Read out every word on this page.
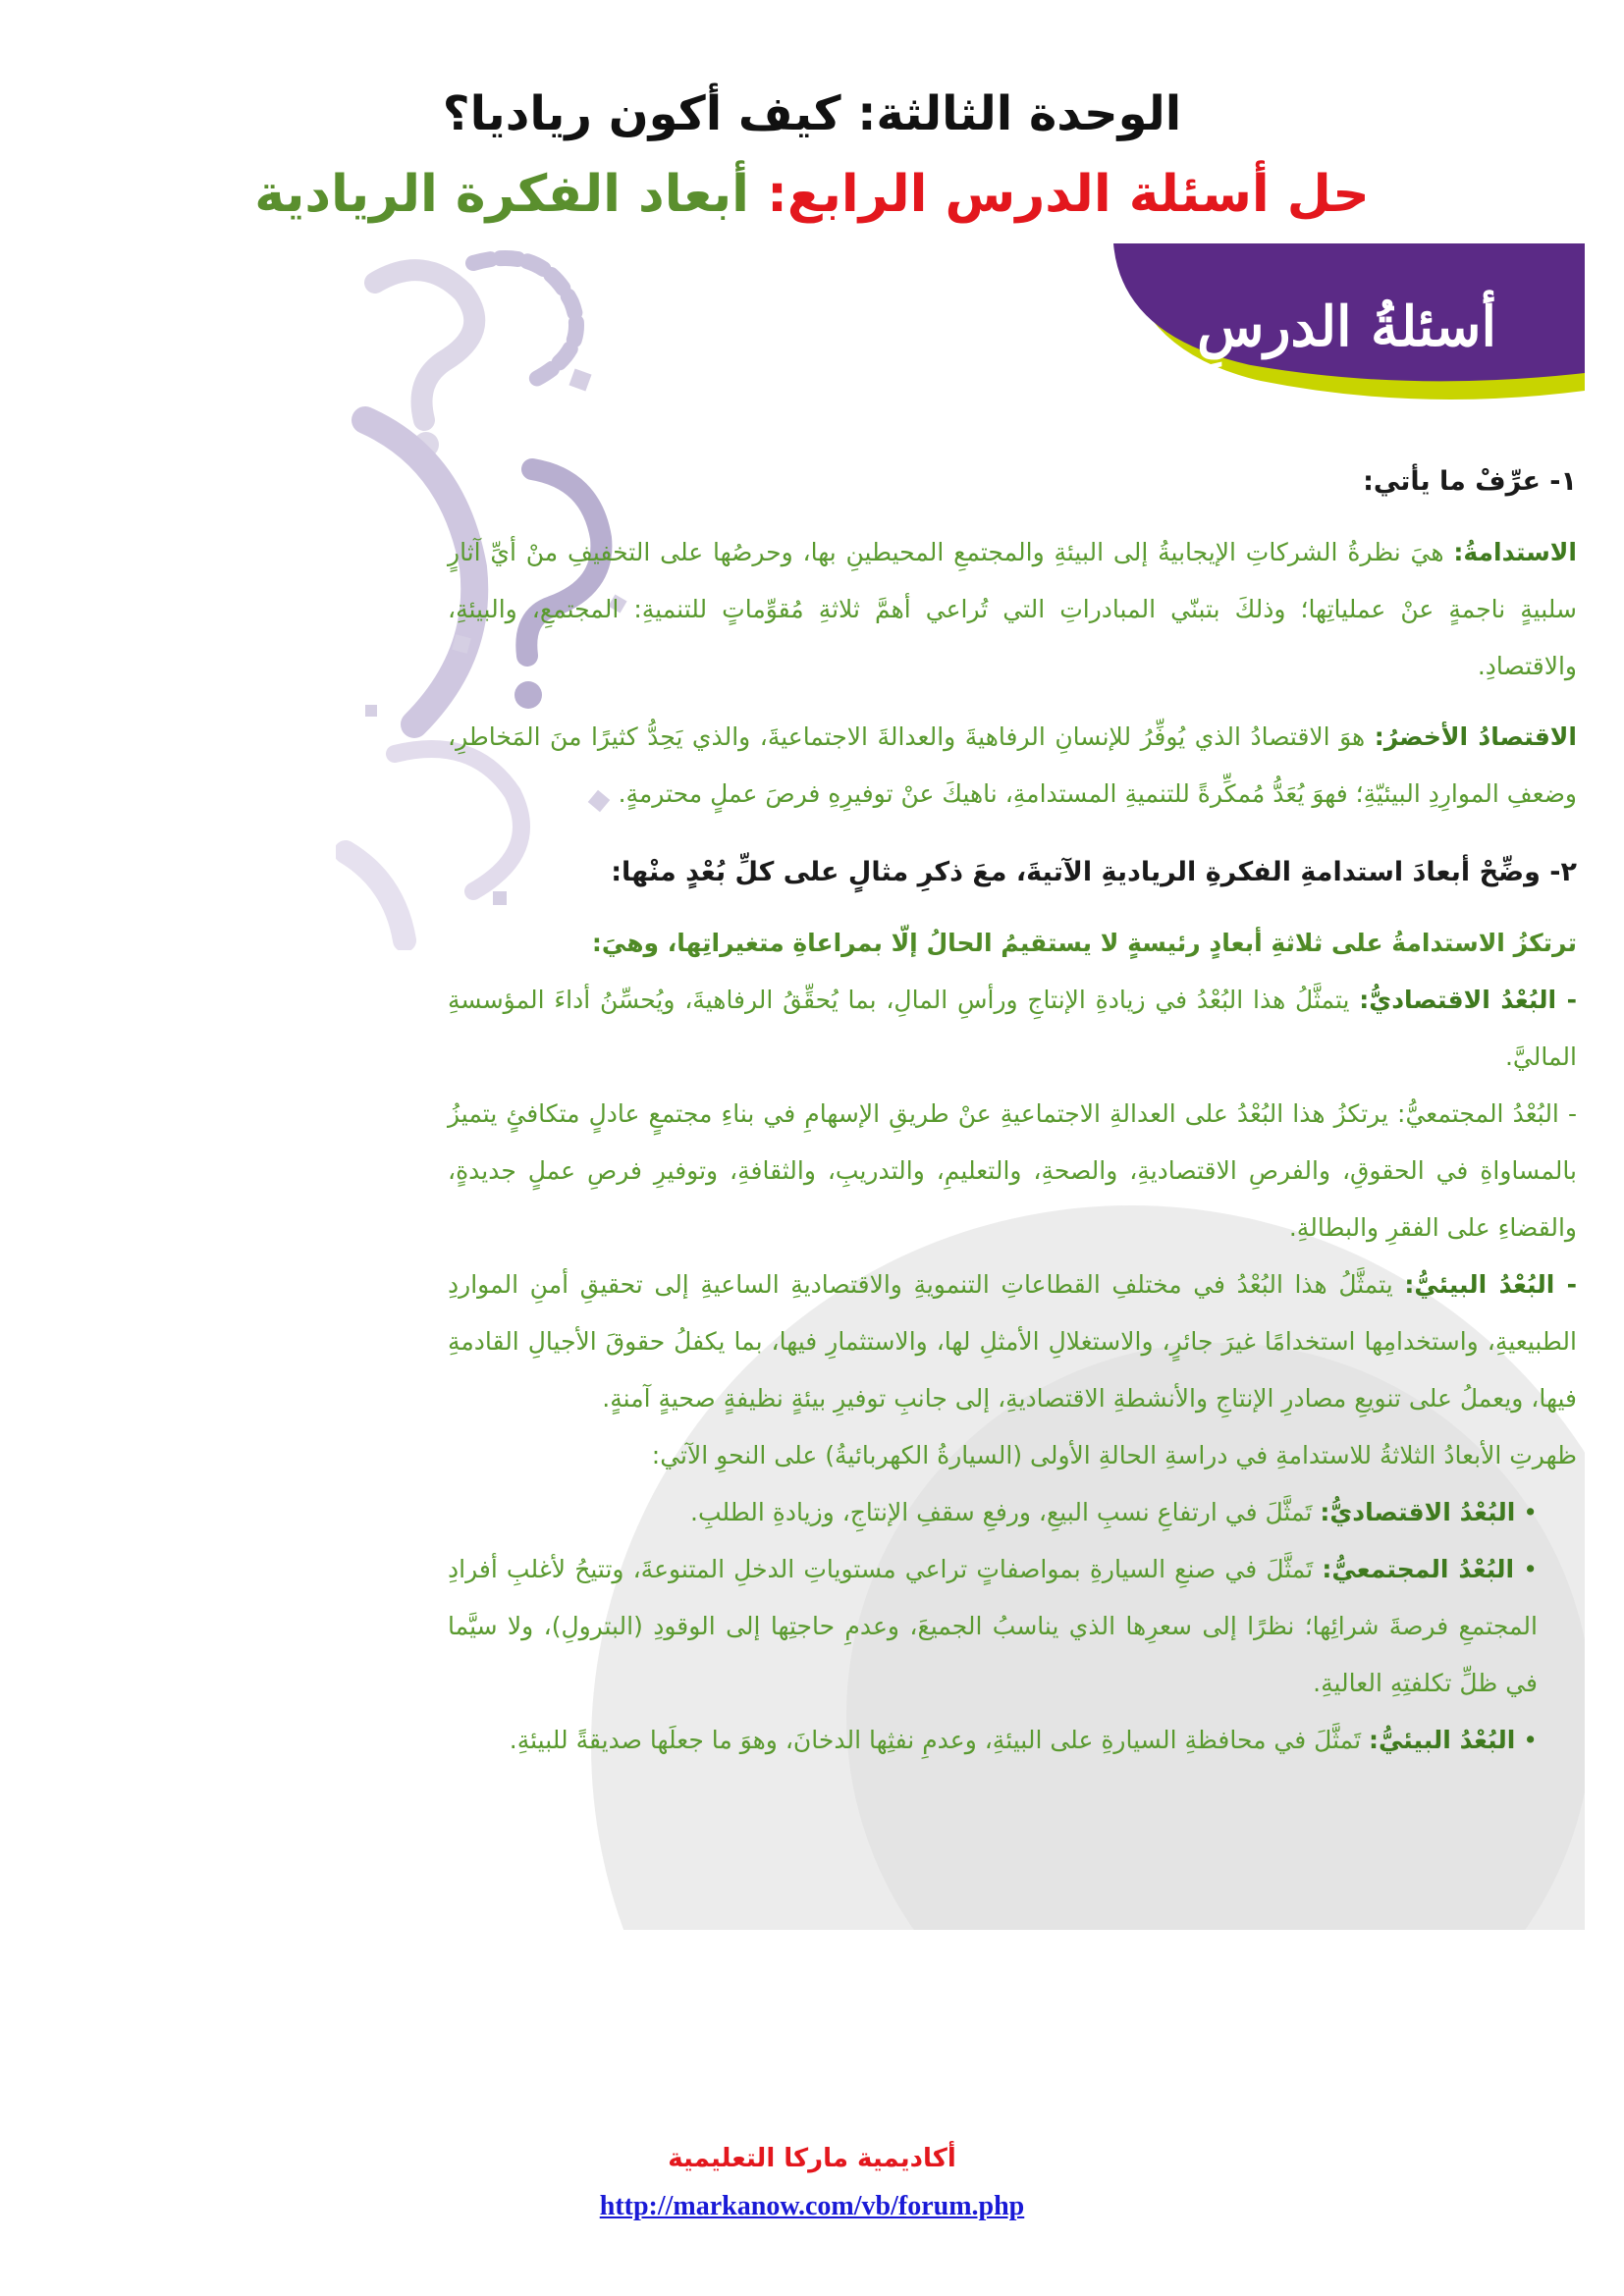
الوحدة الثالثة: كيف أكون رياديا؟
حل أسئلة الدرس الرابع: أبعاد الفكرة الريادية
أسئلةُ الدرسِ

١- عرِّفْ ما يأتي:

الاستدامةُ: هيَ نظرةُ الشركاتِ الإيجابيةُ إلى البيئةِ والمجتمعِ المحيطينِ بها، وحرصُها على التخفيفِ منْ أيِّ آثارٍ سلبيةٍ ناجمةٍ عنْ عملياتِها؛ وذلكَ بتبنّي المبادراتِ التي تُراعي أهمَّ ثلاثةِ مُقوِّماتٍ للتنميةِ: المجتمعِ، والبيئةِ، والاقتصادِ.

الاقتصادُ الأخضرُ: هوَ الاقتصادُ الذي يُوفِّرُ للإنسانِ الرفاهيةَ والعدالةَ الاجتماعيةَ، والذي يَحِدُّ كثيرًا منَ المَخاطرِ، وضعفِ الموارِدِ البيئيّةِ؛ فهوَ يُعَدُّ مُمكِّرةً للتنميةِ المستدامةِ، ناهيكَ عنْ توفيرِهِ فرصَ عملٍ محترمةٍ.

٢- وضِّحْ أبعادَ استدامةِ الفكرةِ الرياديةِ الآتيةَ، معَ ذكرِ مثالٍ على كلِّ بُعْدٍ منْها:

ترتكزُ الاستدامةُ على ثلاثةِ أبعادٍ رئيسةٍ لا يستقيمُ الحالُ إلّا بمراعاةِ متغيراتِها، وهيَ:

- البُعْدُ الاقتصاديُّ: يتمثَّلُ هذا البُعْدُ في زيادةِ الإنتاجِ ورأسِ المالِ، بما يُحقِّقُ الرفاهيةَ، ويُحسِّنُ أداءَ المؤسسةِ الماليَّ.

- البُعْدُ المجتمعيُّ: يرتكزُ هذا البُعْدُ على العدالةِ الاجتماعيةِ عنْ طريقِ الإسهامِ في بناءِ مجتمعٍ عادلٍ متكافئٍ يتميزُ بالمساواةِ في الحقوقِ، والفرصِ الاقتصاديةِ، والصحةِ، والتعليمِ، والتدريبِ، والثقافةِ، وتوفيرِ فرصِ عملٍ جديدةٍ، والقضاءِ على الفقرِ والبطالةِ.

- البُعْدُ البيئيُّ: يتمثَّلُ هذا البُعْدُ في مختلفِ القطاعاتِ التنمويةِ والاقتصاديةِ الساعيةِ إلى تحقيقِ أمنِ المواردِ الطبيعيةِ، واستخدامِها استخدامًا غيرَ جائرٍ، والاستغلالِ الأمثلِ لها، والاستثمارِ فيها، بما يكفلُ حقوقَ الأجيالِ القادمةِ فيها، ويعملُ على تنويعِ مصادرِ الإنتاجِ والأنشطةِ الاقتصاديةِ، إلى جانبِ توفيرِ بيئةٍ نظيفةٍ صحيةٍ آمنةٍ.

ظهرتِ الأبعادُ الثلاثةُ للاستدامةِ في دراسةِ الحالةِ الأولى (السيارةُ الكهربائيةُ) على النحوِ الآتي:

• البُعْدُ الاقتصاديُّ: تَمثَّلَ في ارتفاعِ نسبِ البيعِ، ورفعِ سقفِ الإنتاجِ، وزيادةِ الطلبِ.
• البُعْدُ المجتمعيُّ: تَمثَّلَ في صنعِ السيارةِ بمواصفاتٍ تراعي مستوياتِ الدخلِ المتنوعةَ، وتتيحُ لأغلبِ أفرادِ المجتمعِ فرصةَ شرائِها؛ نظرًا إلى سعرِها الذي يناسبُ الجميعَ، وعدمِ حاجتِها إلى الوقودِ (البترولِ)، ولا سيَّما في ظلِّ تكلفتِهِ العاليةِ.
• البُعْدُ البيئيُّ: تَمثَّلَ في محافظةِ السيارةِ على البيئةِ، وعدمِ نفثِها الدخانَ، وهوَ ما جعلَها صديقةً للبيئةِ.
أكاديمية ماركا التعليمية
http://markanow.com/vb/forum.php
